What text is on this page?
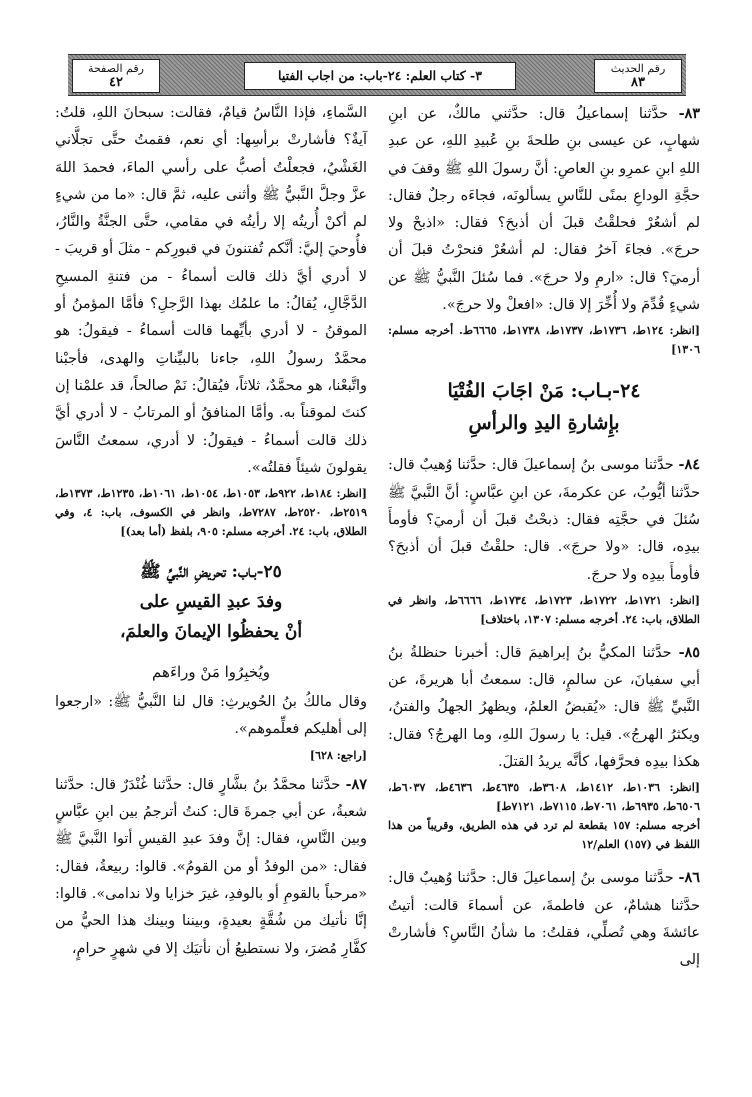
رقم الحديث
٨٣
٣- كتاب العلم: ٢٤-باب: من اجاب الفتيا
رقم الصفحة
٤٢

٨٣- حدَّثنا إسماعيلُ قال: حدَّثني مالكٌ، عن ابنِ شهابٍ، عن عيسى بنِ طلحةَ بنِ عُبيدِ اللهِ، عن عبدِ اللهِ ابنِ عمرِو بنِ العاصِ: أنَّ رسولَ اللهِ ﷺ وقفَ في حجَّةِ الوداعِ بمنًى للنَّاسِ يسألونَه، فجاءَه رجلٌ فقال: لم أشعُرْ فحلقْتُ قبلَ أن أذبحَ؟ فقال: «اذبحْ ولا حرجَ». فجاءَ آخرُ فقال: لم أشعُرْ فنحرْتُ قبلَ أن أرميَ؟ قال: «ارمِ ولا حرجَ». فما سُئلَ النَّبيُّ ﷺ عن شيءٍ قُدِّمَ ولا أُخِّرَ إلا قال: «افعلْ ولا حرجَ».

[انظر: ١٢٤ط، ١٧٣٦ط، ١٧٣٧ط، ١٧٣٨ط، ٦٦٦٥ط. أخرجه مسلم: ١٣٠٦]

٢٤-بـاب: مَنْ اجَابَ الفُتْيَا
بإِشارةِ اليدِ والرأسِ

٨٤- حدَّثنا موسى بنُ إسماعيلَ قال: حدَّثنا وُهيبٌ قال: حدَّثنا أيُّوبُ، عن عكرمةَ، عن ابنِ عبَّاسٍ: أنَّ النَّبيَّ ﷺ سُئلَ في حجَّتِه فقال: ذبحْتُ قبلَ أن أرميَ؟ فأومأَ بيدِه، قال: «ولا حرجَ». قال: حلقْتُ قبلَ أن أذبحَ؟ فأومأَ بيدِه ولا حرجَ.

[انظر: ١٧٢١ط، ١٧٢٢ط، ١٧٢٣ط، ١٧٣٤ط، ٦٦٦٦ط، وانظر في الطلاق، باب: ٢٤. أخرجه مسلم: ١٣٠٧، باختلاف]

٨٥- حدَّثنا المكيُّ بنُ إبراهيمَ قال: أخبرنا حنظلةُ بنُ أبي سفيانَ، عن سالمٍ، قال: سمعتُ أبا هريرةَ، عن النَّبيِّ ﷺ قال: «يُقبضُ العلمُ، ويظهرُ الجهلُ والفتنُ، ويكثرُ الهرجُ». قيل: يا رسولَ اللهِ، وما الهرجُ؟ فقال: هكذا بيدِه فحرَّفها، كأنَّه يريدُ القتلَ.

[انظر: ١٠٣٦ط، ١٤١٢ط، ٣٦٠٨ط، ٤٦٣٥ط، ٤٦٣٦ط، ٦٠٣٧ط، ٦٥٠٦ط، ٦٩٣٥ط، ٧٠٦١ط، ٧١١٥ط، ٧١٢١ط]

أخرجه مسلم: ١٥٧ بقطعة لم ترد في هذه الطريق، وقريباً من هذا اللفظ في (١٥٧) العلم/١٢

٨٦- حدَّثنا موسى بنُ إسماعيلَ قال: حدَّثنا وُهيبٌ قال: حدَّثنا هشامٌ، عن فاطمةَ، عن أسماءَ قالت: أتيتُ عائشةَ وهي تُصلِّي، فقلتُ: ما شأنُ النَّاسِ؟ فأشارتْ إلى

السَّماءِ، فإذا النَّاسُ قيامٌ، فقالت: سبحانَ اللهِ، قلتُ: آيةٌ؟ فأشارتْ برأسِها: أي نعم، فقمتُ حتَّى تجلَّاني الغَشْيُ، فجعلْتُ أصبُّ على رأسي الماءَ، فحمدَ اللهَ عزَّ وجلَّ النَّبيُّ ﷺ وأثنى عليه، ثمَّ قال: «ما من شيءٍ لم أكنْ أُريتُه إلا رأيتُه في مقامي، حتَّى الجنَّةُ والنَّارُ، فأُوحيَ إليَّ: أنَّكم تُفتنونَ في قبورِكم - مثلَ أو قريبَ - لا أدري أيَّ ذلك قالت أسماءُ - من فتنةِ المسيحِ الدَّجَّالِ، يُقالُ: ما علمُك بهذا الرَّجلِ؟ فأمَّا المؤمنُ أو الموقنُ - لا أدري بأيِّهما قالت أسماءُ - فيقولُ: هو محمَّدٌ رسولُ اللهِ، جاءنا بالبيِّناتِ والهدى، فأجبْنا واتَّبعْنا، هو محمَّدٌ، ثلاثاً، فيُقالُ: نَمْ صالحاً، قد علمْنا إن كنتَ لموقناً به. وأمَّا المنافقُ أو المرتابُ - لا أدري أيَّ ذلك قالت أسماءُ - فيقولُ: لا أدري، سمعتُ النَّاسَ يقولونَ شيئاً فقلتُه».

[انظر: ١٨٤ط، ٩٢٢ط، ١٠٥٣ط، ١٠٥٤ط، ١٠٦١ط، ١٢٣٥ط، ١٣٧٣ط، ٢٥١٩ط، ٢٥٢٠ط، ٧٢٨٧ط، وانظر في الكسوف، باب: ٤، وفي الطلاق، باب: ٢٤. أخرجه مسلم: ٩٠٥، بلفظ (أما بعد)]

٢٥-بـاب: تحريضِ النَّبيِّ ﷺ
وفدَ عبدِ القيسِ على
أنْ يحفظُوا الإيمانَ والعلمَ،
ويُخبِرُوا مَنْ وراءَهم

وقال مالكُ بنُ الحُويرثِ: قال لنا النَّبيُّ ﷺ: «ارجعوا إلى أهليكم فعلِّموهم».

[راجع: ٦٢٨]

٨٧- حدَّثنا محمَّدُ بنُ بشَّارٍ قال: حدَّثنا غُنْدَرٌ قال: حدَّثنا شعبةُ، عن أبي جمرةَ قال: كنتُ أترجمُ بين ابنِ عبَّاسٍ وبين النَّاسِ، فقال: إنَّ وفدَ عبدِ القيسِ أتوا النَّبيَّ ﷺ فقال: «من الوفدُ أو من القومُ». قالوا: ربيعةُ، فقال: «مرحباً بالقومِ أو بالوفدِ، غيرَ خزايا ولا ندامى». قالوا: إنَّا نأتيك من شُقَّةٍ بعيدةٍ، وبيننا وبينك هذا الحيُّ من كفَّارِ مُضرَ، ولا نستطيعُ أن نأتيَك إلا في شهرٍ حرامٍ،
